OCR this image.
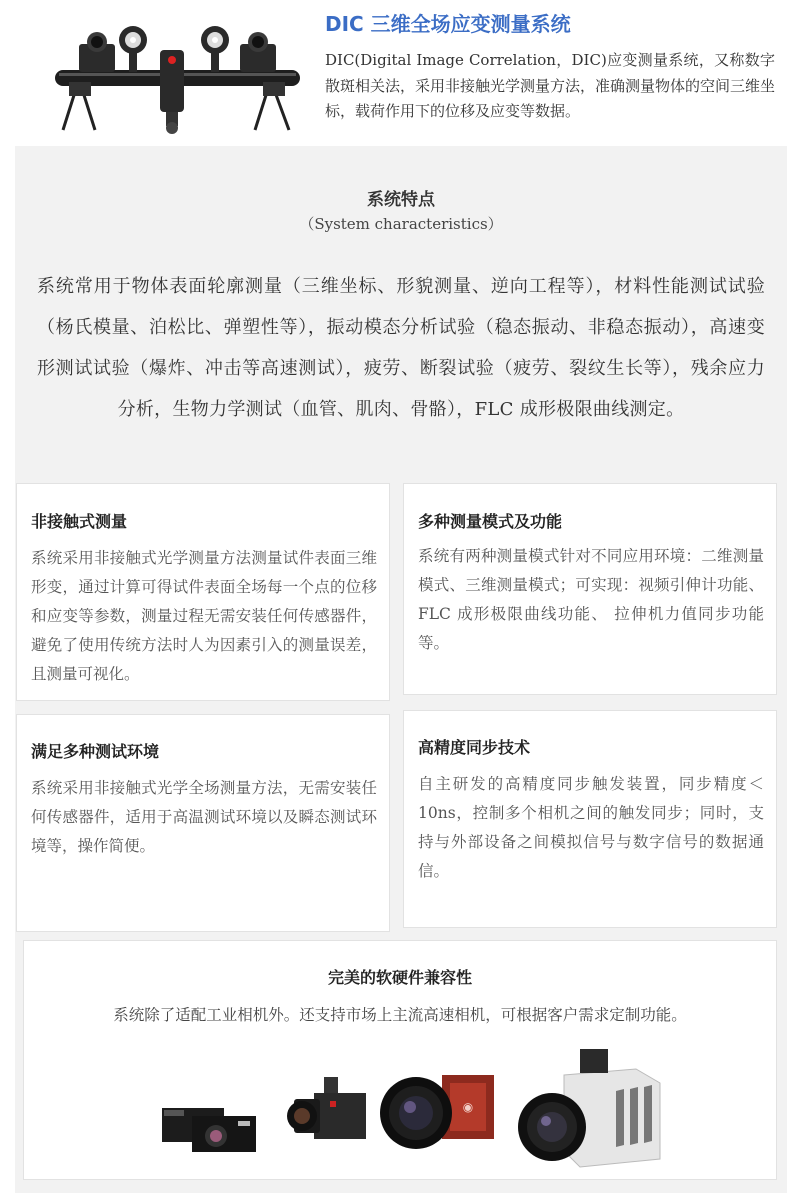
DIC 三维全场应变测量系统
DIC(Digital Image Correlation，DIC)应变测量系统，又称数字散斑相关法，采用非接触光学测量方法，准确测量物体的空间三维坐标，载荷作用下的位移及应变等数据。
系统特点
（System characteristics）
系统常用于物体表面轮廓测量（三维坐标、形貌测量、逆向工程等），材料性能测试试验（杨氏模量、泊松比、弹塑性等），振动模态分析试验（稳态振动、非稳态振动），高速变形测试试验（爆炸、冲击等高速测试），疲劳、断裂试验（疲劳、裂纹生长等），残余应力分析，生物力学测试（血管、肌肉、骨骼），FLC 成形极限曲线测定。
非接触式测量
系统采用非接触式光学测量方法测量试件表面三维形变，通过计算可得试件表面全场每一个点的位移和应变等参数，测量过程无需安装任何传感器件，避免了使用传统方法时人为因素引入的测量误差，且测量可视化。
多种测量模式及功能
系统有两种测量模式针对不同应用环境：二维测量模式、三维测量模式；可实现：视频引伸计功能、 FLC 成形极限曲线功能、 拉伸机力值同步功能等。
满足多种测试环境
系统采用非接触式光学全场测量方法，无需安装任何传感器件，适用于高温测试环境以及瞬态测试环境等，操作简便。
高精度同步技术
自主研发的高精度同步触发装置，同步精度＜10ns，控制多个相机之间的触发同步；同时，支持与外部设备之间模拟信号与数字信号的数据通信。
完美的软硬件兼容性
系统除了适配工业相机外。还支持市场上主流高速相机，可根据客户需求定制功能。
◉
